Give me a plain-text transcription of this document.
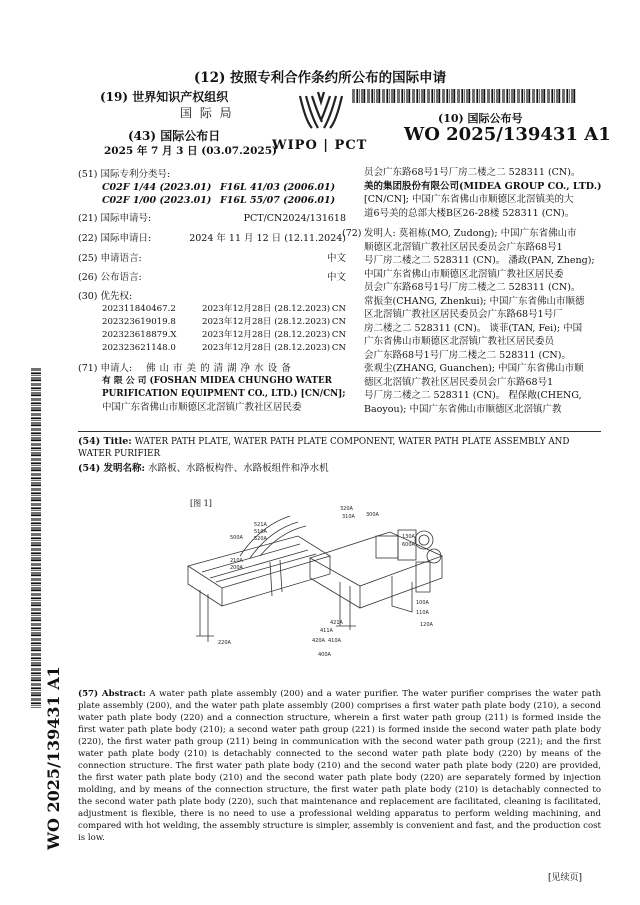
(12) 按照专利合作条约所公布的国际申请
(19) 世界知识产权组织
国 际 局
(43) 国际公布日
2025 年 7 月 3 日 (03.07.2025)
WIPO | PCT
(10) 国际公布号
WO 2025/139431 A1
WO 2025/139431 A1
(51) 国际专利分类号:
C02F 1/44 (2023.01) F16L 41/03 (2006.01)
C02F 1/00 (2023.01) F16L 55/07 (2006.01)
(21) 国际申请号:	PCT/CN2024/131618
(22) 国际申请日:	2024 年 11 月 12 日 (12.11.2024)
(25) 申请语言:	中文
(26) 公布语言:	中文
(30) 优先权:
202311840467.2	2023年12月28日 (28.12.2023) CN
202323619019.8	2023年12月28日 (28.12.2023) CN
202323618879.X	2023年12月28日 (28.12.2023) CN
202323621148.0	2023年12月28日 (28.12.2023) CN
(71) 申请人: 佛 山 市 美 的 清 湖 净 水 设 备
有 限 公 司 (FOSHAN MIDEA CHUNGHO WATER
PURIFICATION EQUIPMENT CO., LTD.) [CN/CN];
中国广东省佛山市顺德区北滘镇广教社区居民委
员会广东路68号1号厂房二楼之二 528311 (CN)。
美的集团股份有限公司(MIDEA GROUP CO., LTD.)
[CN/CN]; 中国广东省佛山市顺德区北滘镇美的大
道6号美的总部大楼B区26-28楼 528311 (CN)。
(72) 发明人: 莫祖栋(MO, Zudong); 中国广东省佛山市
顺德区北滘镇广教社区居民委员会广东路68号1
号厂房二楼之二 528311 (CN)。 潘政(PAN, Zheng);
中国广东省佛山市顺德区北滘镇广教社区居民委
员会广东路68号1号厂房二楼之二 528311 (CN)。
常振奎(CHANG, Zhenkui); 中国广东省佛山市顺德
区北滘镇广教社区居民委员会广东路68号1号厂
房二楼之二 528311 (CN)。 谈菲(TAN, Fei); 中国
广东省佛山市顺德区北滘镇广教社区居民委员
会广东路68号1号厂房二楼之二 528311 (CN)。
张观尘(ZHANG, Guanchen); 中国广东省佛山市顺
德区北滘镇广教社区居民委员会广东路68号1
号厂房二楼之二 528311 (CN)。 程保敞(CHENG,
Baoyou); 中国广东省佛山市顺德区北滘镇广教
(54) Title: WATER PATH PLATE, WATER PATH PLATE COMPONENT, WATER PATH PLATE ASSEMBLY AND WATER PURIFIER
(54) 发明名称: 水路板、水路板构件、水路板组件和净水机
[图 1]
521A
510A
500A 520A
210A
200A
320A
300A
310A
130A
600A
100A
110A
120A
421A
411A
420A 410A
220A
400A
(57) Abstract: A water path plate assembly (200) and a water purifier. The water purifier comprises the water path plate assembly (200), and the water path plate assembly (200) comprises a first water path plate body (210), a second water path plate body (220) and a connection structure, wherein a first water path group (211) is formed inside the first water path plate body (210); a second water path group (221) is formed inside the second water path plate body (220), the first water path group (211) being in communication with the second water path group (221); and the first water path plate body (210) is detachably connected to the second water path plate body (220) by means of the connection structure. The first water path plate body (210) and the second water path plate body (220) are provided, the first water path plate body (210) and the second water path plate body (220) are separately formed by injection molding, and by means of the connection structure, the first water path plate body (210) is detachably connected to the second water path plate body (220), such that maintenance and replacement are facilitated, cleaning is facilitated, adjustment is flexible, there is no need to use a professional welding apparatus to perform welding machining, and compared with hot welding, the assembly structure is simpler, assembly is convenient and fast, and the production cost is low.
[见续页]
